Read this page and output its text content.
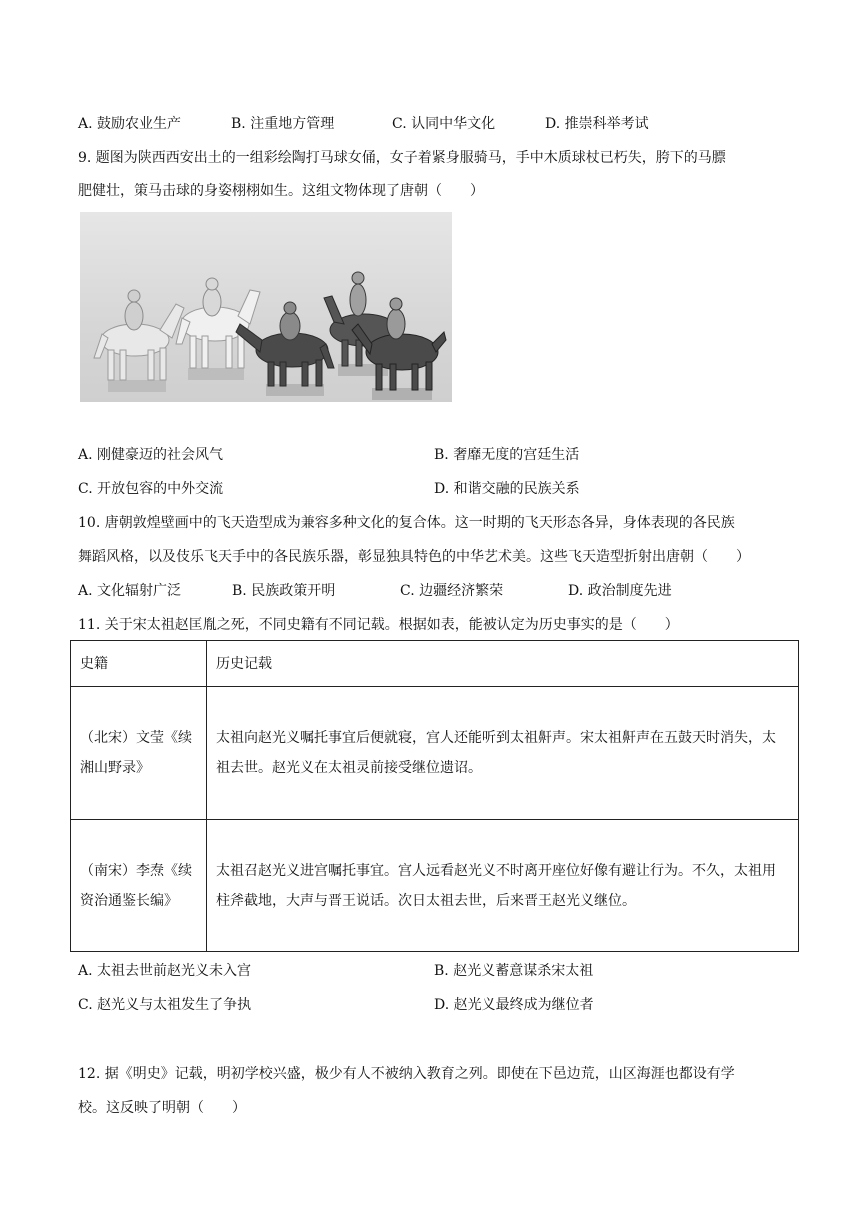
A. 鼓励农业生产	B. 注重地方管理	C. 认同中华文化	D. 推崇科举考试
9. 题图为陕西西安出土的一组彩绘陶打马球女俑，女子着紧身服骑马，手中木质球杖已朽失，胯下的马膘
肥健壮，策马击球的身姿栩栩如生。这组文物体现了唐朝（　　）
A. 刚健豪迈的社会风气	B. 奢靡无度的宫廷生活
C. 开放包容的中外交流	D. 和谐交融的民族关系
10. 唐朝敦煌壁画中的飞天造型成为兼容多种文化的复合体。这一时期的飞天形态各异，身体表现的各民族
舞蹈风格，以及伎乐飞天手中的各民族乐器，彰显独具特色的中华艺术美。这些飞天造型折射出唐朝（　　）
A. 文化辐射广泛	B. 民族政策开明	C. 边疆经济繁荣	D. 政治制度先进
11. 关于宋太祖赵匡胤之死，不同史籍有不同记载。根据如表，能被认定为历史事实的是（　　）
史籍	历史记载
（北宋）文莹《续湘山野录》	太祖向赵光义嘱托事宜后便就寝，宫人还能听到太祖鼾声。宋太祖鼾声在五鼓天时消失，太祖去世。赵光义在太祖灵前接受继位遗诏。
（南宋）李焘《续资治通鉴长编》	太祖召赵光义进宫嘱托事宜。宫人远看赵光义不时离开座位好像有避让行为。不久，太祖用柱斧截地，大声与晋王说话。次日太祖去世，后来晋王赵光义继位。
A. 太祖去世前赵光义未入宫	B. 赵光义蓄意谋杀宋太祖
C. 赵光义与太祖发生了争执	D. 赵光义最终成为继位者
12. 据《明史》记载，明初学校兴盛，极少有人不被纳入教育之列。即使在下邑边荒，山区海涯也都设有学
校。这反映了明朝（　　）
